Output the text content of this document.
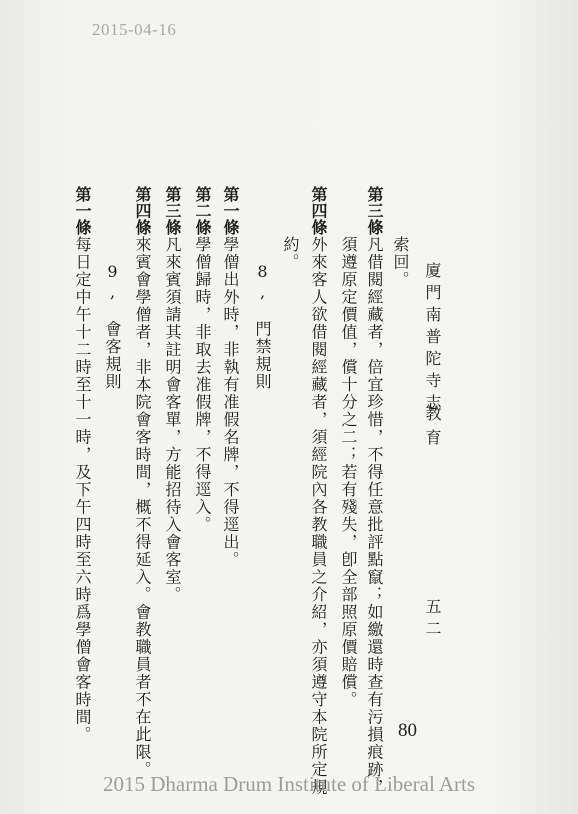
2015-04-16

廈門南普陀寺志
教育
五二
索回。
第三條
凡借閱經藏者，倍宜珍惜，不得任意批評點竄；如繳還時查有污損痕跡，
須遵原定價值，償十分之二；若有殘失，卽全部照原價賠償。
第四條
外來客人欲借閱經藏者，須經院內各教職員之介紹，亦須遵守本院所定規
約。
8,　門禁規則
第一條
學僧出外時，非執有准假名牌，不得逕出。
第二條
學僧歸時，非取去准假牌，不得逕入。
第三條
凡來賓須請其註明會客單，方能招待入會客室。
第四條
來賓會學僧者，非本院會客時間，概不得延入。會教職員者不在此限。
9,　會客規則
第一條
每日定中午十二時至十一時，及下午四時至六時爲學僧會客時間。	80
2015 Dharma Drum Institute of Liberal Arts
